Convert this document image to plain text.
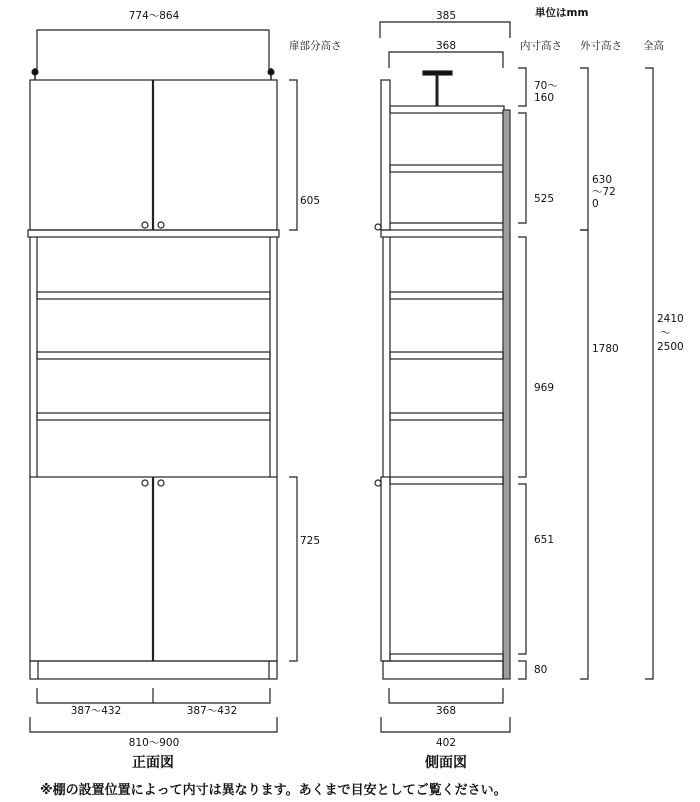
単位はmm
扉部分高さ	内寸高さ 外寸高さ 全高
774～864
605
725
387～432	387～432
810～900
正面図
385
368
70～160
525
969
651
80
630～720
1780
2410
～
2500
368
402
側面図
※棚の設置位置によって内寸は異なります。あくまで目安としてご覧ください。
